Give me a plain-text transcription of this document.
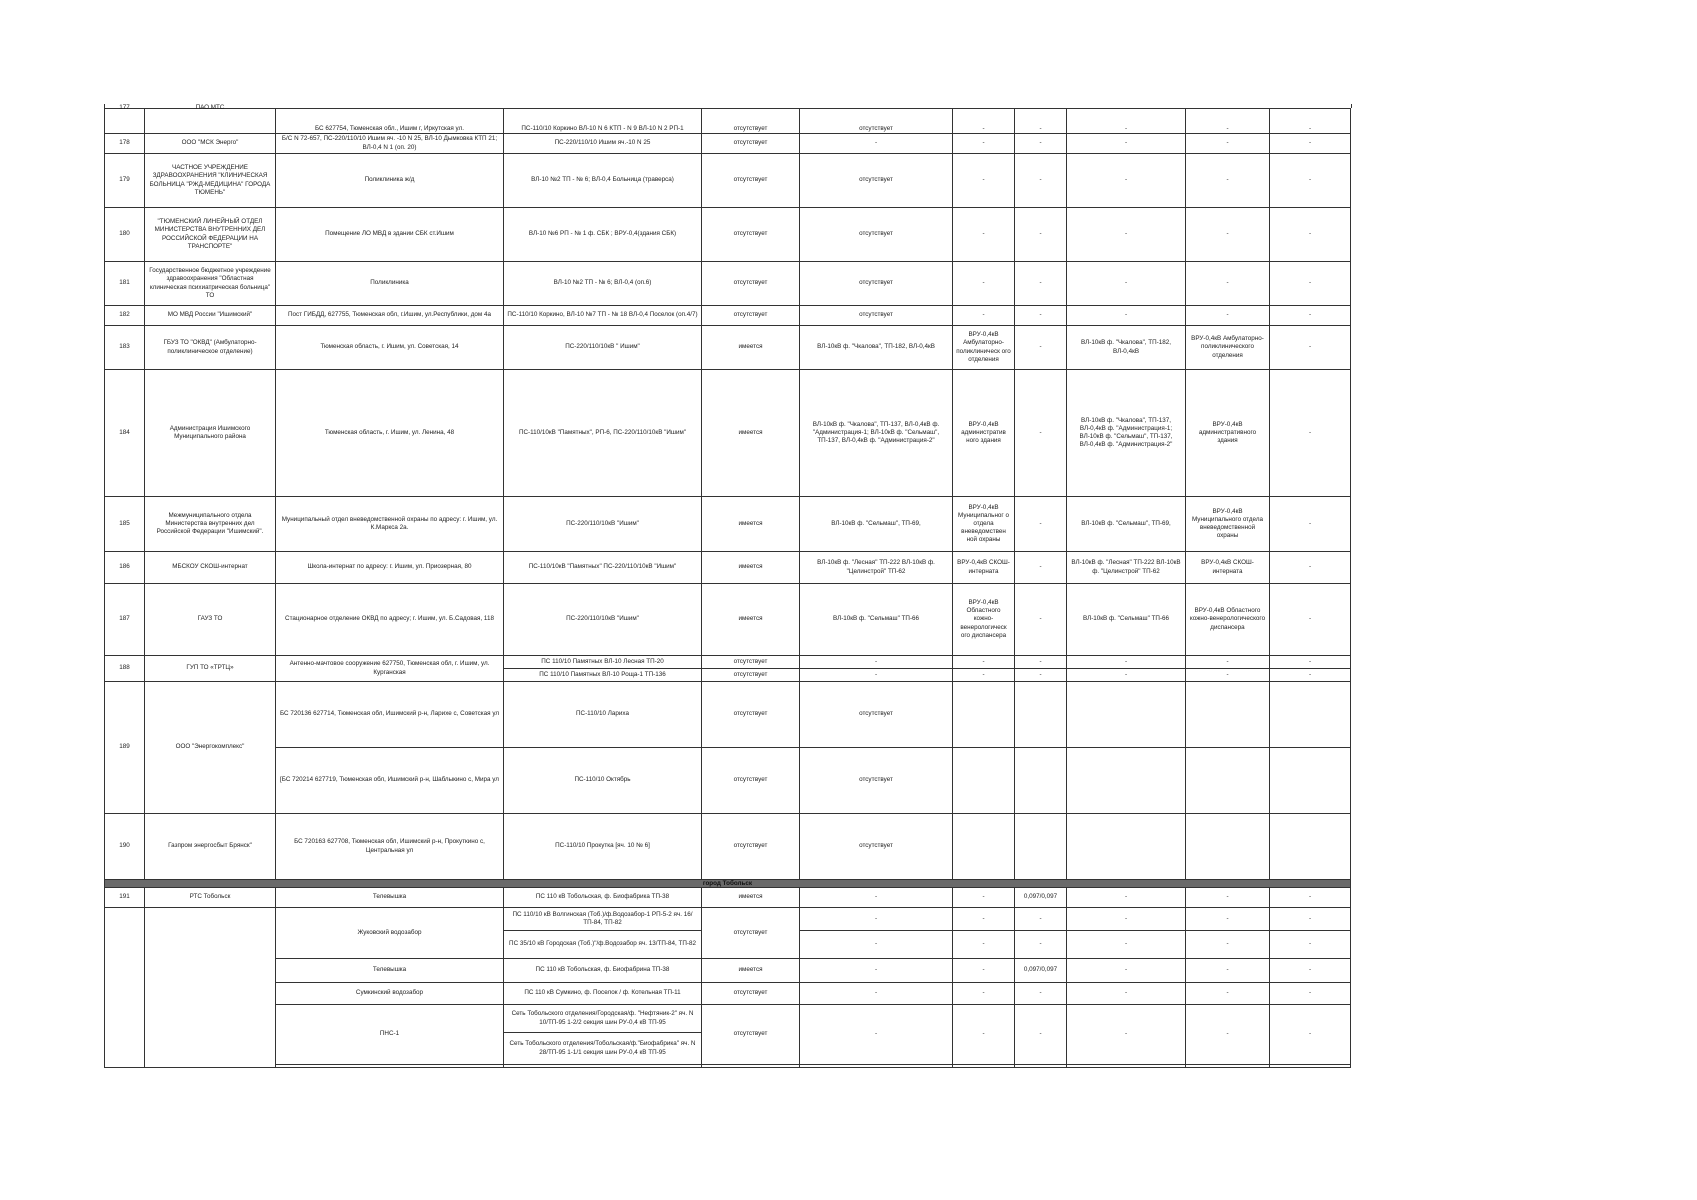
177	ПАО МТС	БС 627754, Тюменская обл., Ишим г, Иркутская ул.	ПС-110/10 Коркино ВЛ-10 N 6 КТП - N 9 ВЛ-10 N 2 РП-1	отсутствует	отсутствует	-	-	-	-	-
178	ООО "МСК Энерго"	Б/С N 72-657, ПС-220/110/10 Ишим яч. -10 N 25, ВЛ-10 Дымковка КТП 21; ВЛ-0,4 N 1 (оп. 20)	ПС-220/110/10 Ишим яч.-10 N 25	отсутствует	-	-	-	-	-	-
179	ЧАСТНОЕ УЧРЕЖДЕНИЕ ЗДРАВООХРАНЕНИЯ "КЛИНИЧЕСКАЯ БОЛЬНИЦА "РЖД-МЕДИЦИНА" ГОРОДА ТЮМЕНЬ"	Поликлиника ж/д	ВЛ-10 №2 ТП - № 6; ВЛ-0,4 Больница (траверса)	отсутствует	отсутствует	-	-	-	-	-
180	"ТЮМЕНСКИЙ ЛИНЕЙНЫЙ ОТДЕЛ МИНИСТЕРСТВА ВНУТРЕННИХ ДЕЛ РОССИЙСКОЙ ФЕДЕРАЦИИ НА ТРАНСПОРТЕ"	Помещение ЛО МВД в здании СБК ст.Ишим	ВЛ-10 №6 РП - № 1 ф. СБК ; ВРУ-0,4(здания СБК)	отсутствует	отсутствует	-	-	-	-	-
181	Государственное бюджетное учреждение здравоохранения "Областная клиническая психиатрическая больница" ТО	Поликлиника	ВЛ-10 №2 ТП - № 6; ВЛ-0,4 (оп.6)	отсутствует	отсутствует	-	-	-	-	-
182	МО МВД России "Ишимский"	Пост ГИБДД, 627755, Тюменская обл, г.Ишим, ул.Республики, дом 4а	ПС-110/10 Коркино, ВЛ-10 №7 ТП - № 18 ВЛ-0,4 Поселок (оп.4/7)	отсутствует	отсутствует	-	-	-	-	-
183	ГБУЗ ТО "ОКВД" (Амбулаторно-поликлиническое отделение)	Тюменская область, г. Ишим, ул. Советская, 14	ПС-220/110/10кВ " Ишим"	имеется	ВЛ-10кВ ф. "Чкалова", ТП-182, ВЛ-0,4кВ	ВРУ-0,4кВ Амбулаторно-поликлиническ ого отделения	-	ВЛ-10кВ ф. "Чкалова", ТП-182, ВЛ-0,4кВ	ВРУ-0,4кВ Амбулаторно-поликлинического отделения	-
184	Администрация Ишимского Муниципального района	Тюменская область, г. Ишим, ул. Ленина, 48	ПС-110/10кВ "Памятных", РП-6, ПС-220/110/10кВ "Ишим"	имеется	ВЛ-10кВ ф. "Чкалова", ТП-137, ВЛ-0,4кВ ф. "Администрация-1; ВЛ-10кВ ф. "Сельмаш", ТП-137, ВЛ-0,4кВ ф. "Администрация-2"	ВРУ-0,4кВ административ ного здания	-	ВЛ-10кВ ф. "Чкалова", ТП-137, ВЛ-0,4кВ ф. "Администрация-1; ВЛ-10кВ ф. "Сельмаш", ТП-137, ВЛ-0,4кВ ф. "Администрация-2"	ВРУ-0,4кВ административного здания	-
185	Межмуниципального отдела Министерства внутренних дел Российской Федерации "Ишимский".	Муниципальный отдел вневедомственной охраны по адресу: г. Ишим, ул. К.Маркса 2а.	ПС-220/110/10кВ "Ишим"	имеется	ВЛ-10кВ ф. "Сельмаш", ТП-69,	ВРУ-0,4кВ Муниципальног о отдела вневедомствен ной охраны	-	ВЛ-10кВ ф. "Сельмаш", ТП-69,	ВРУ-0,4кВ Муниципального отдела вневедомственной охраны	-
186	МБСКОУ СКОШ-интернат	Школа-интернат по адресу: г. Ишим, ул. Приозерная, 80	ПС-110/10кВ "Памятных" ПС-220/110/10кВ "Ишим"	имеется	ВЛ-10кВ ф. "Лесная" ТП-222 ВЛ-10кВ ф. "Целинстрой" ТП-62	ВРУ-0,4кВ СКОШ-интерната	-	ВЛ-10кВ ф. "Лесная" ТП-222 ВЛ-10кВ ф. "Целинстрой" ТП-62	ВРУ-0,4кВ СКОШ-интерната	-
187	ГАУЗ ТО	Стационарное отделение ОКВД по адресу; г. Ишим, ул. Б.Садовая, 118	ПС-220/110/10кВ "Ишим"	имеется	ВЛ-10кВ ф. "Сельмаш" ТП-66	ВРУ-0,4кВ Областного кожно-венерологическ ого диспансера	-	ВЛ-10кВ ф. "Сельмаш" ТП-66	ВРУ-0,4кВ Областного кожно-венерологического диспансера	-
188	ГУП ТО «ТРТЦ»	Антенно-мачтовое сооружение 627750, Тюменская обл, г. Ишим, ул. Курганская	ПС 110/10 Памятных ВЛ-10 Лесная ТП-20	отсутствует	-	-	-	-	-	-
			ПС 110/10 Памятных ВЛ-10 Роща-1 ТП-136	отсутствует	-	-	-	-	-	-
189	ООО "Энергокомплекс"	БС 720136 627714, Тюменская обл, Ишимский р-н, Ларихе с, Советская ул	ПС-110/10 Лариха	отсутствует	отсутствует					
		[БС 720214 627719, Тюменская обл, Ишимский р-н, Шаблыкино с, Мира ул	ПС-110/10 Октябрь	отсутствует	отсутствует					
190	Газпром энергосбыт Брянск"	БС 720163 627708, Тюменская обл, Ишимский р-н, Прокуткино с, Центральная ул	ПС-110/10 Прокутка [яч. 10 № 6]	отсутствует	отсутствует					
город Тобольск										
191	РТС Тобольск	Телевышка	ПС 110 кВ Тобольская, ф. Биофабрика ТП-38	имеется	-	-	0,097/0,097	-	-	-
		Жуковский водозабор	ПС 110/10 кВ Волгинская (Тоб.)/ф.Водозабор-1 РП-5-2 яч. 16/ТП-84, ТП-82	отсутствует	-	-	-	-	-	-
			ПС 35/10 кВ Городская (Тоб.)"/ф.Водозабор яч. 13/ТП-84, ТП-82		-	-	-	-	-	-
		Телевышка	ПС 110 кВ Тобольская, ф. Биофабрина ТП-38	имеется	-	-	0,097/0,097	-	-	-
		Сумкинский водозабор	ПС 110 кВ Сумкино, ф. Поселок / ф. Котельная ТП-11	отсутствует	-	-	-	-	-	-
		ПНС-1	Сеть Тобольского отделения/Городская/ф. "Нефтяник-2" яч. N 10/ТП-95 1-2/2 секция шин РУ-0,4 кВ ТП-95	отсутствует	-	-	-	-	-	-
			Сеть Тобольского отделения/Тобольская/ф."Биофабрика" яч. N 28/ТП-95 1-1/1 секция шин РУ-0,4 кВ ТП-95							
